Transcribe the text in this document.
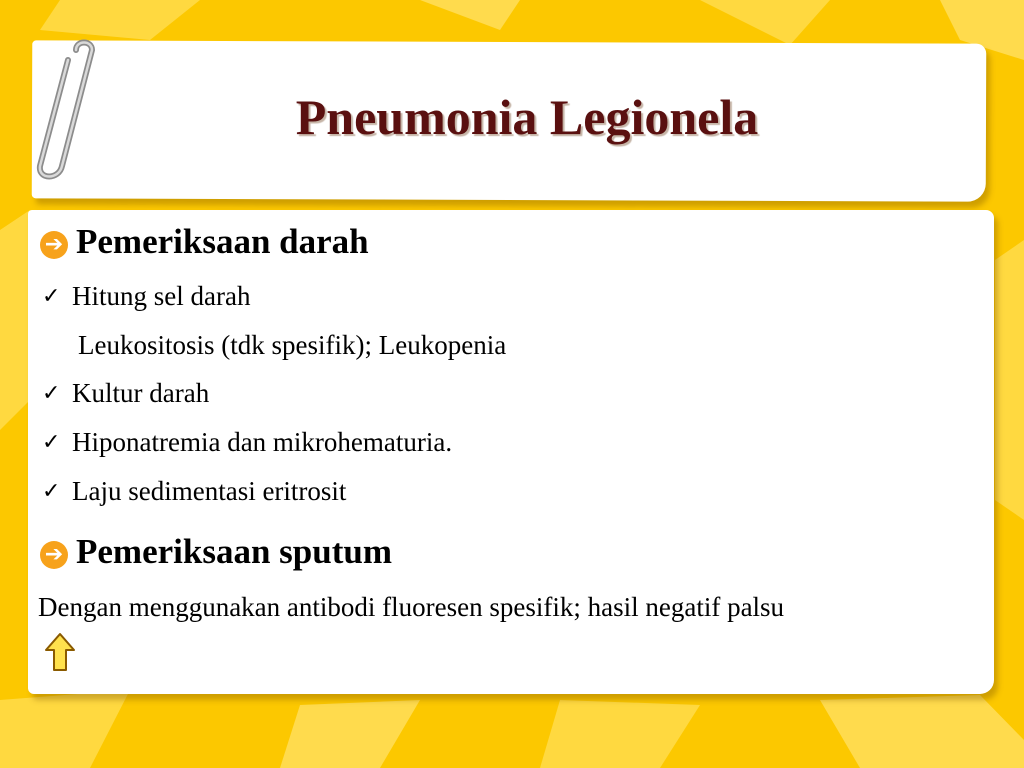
Pneumonia Legionela
➔ Pemeriksaan darah
✓ Hitung sel darah
Leukositosis (tdk spesifik); Leukopenia
✓ Kultur darah
✓ Hiponatremia dan mikrohematuria.
✓ Laju sedimentasi eritrosit
➔ Pemeriksaan sputum
Dengan menggunakan antibodi fluoresen spesifik; hasil negatif palsu
